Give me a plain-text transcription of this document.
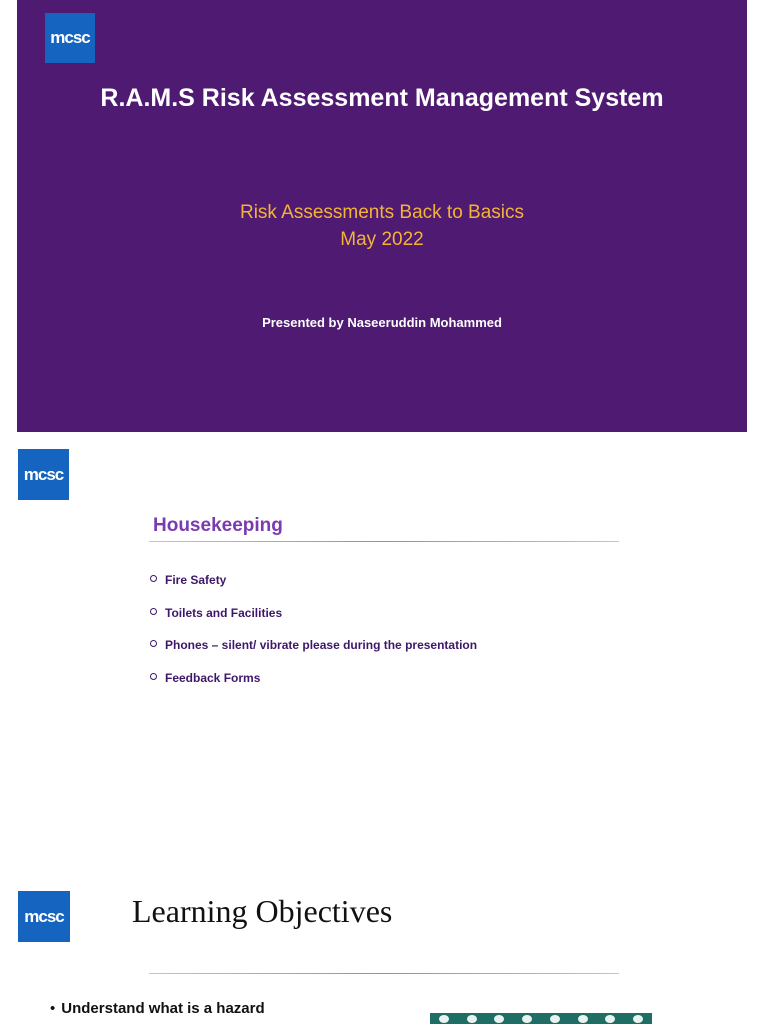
mcsc
R.A.M.S Risk Assessment Management System
Risk Assessments Back to Basics
May 2022
Presented by Naseeruddin Mohammed
mcsc
Housekeeping
Fire Safety
Toilets and Facilities
Phones – silent/ vibrate please during the presentation
Feedback Forms
mcsc Learning Objectives
• Understand what is a hazard
